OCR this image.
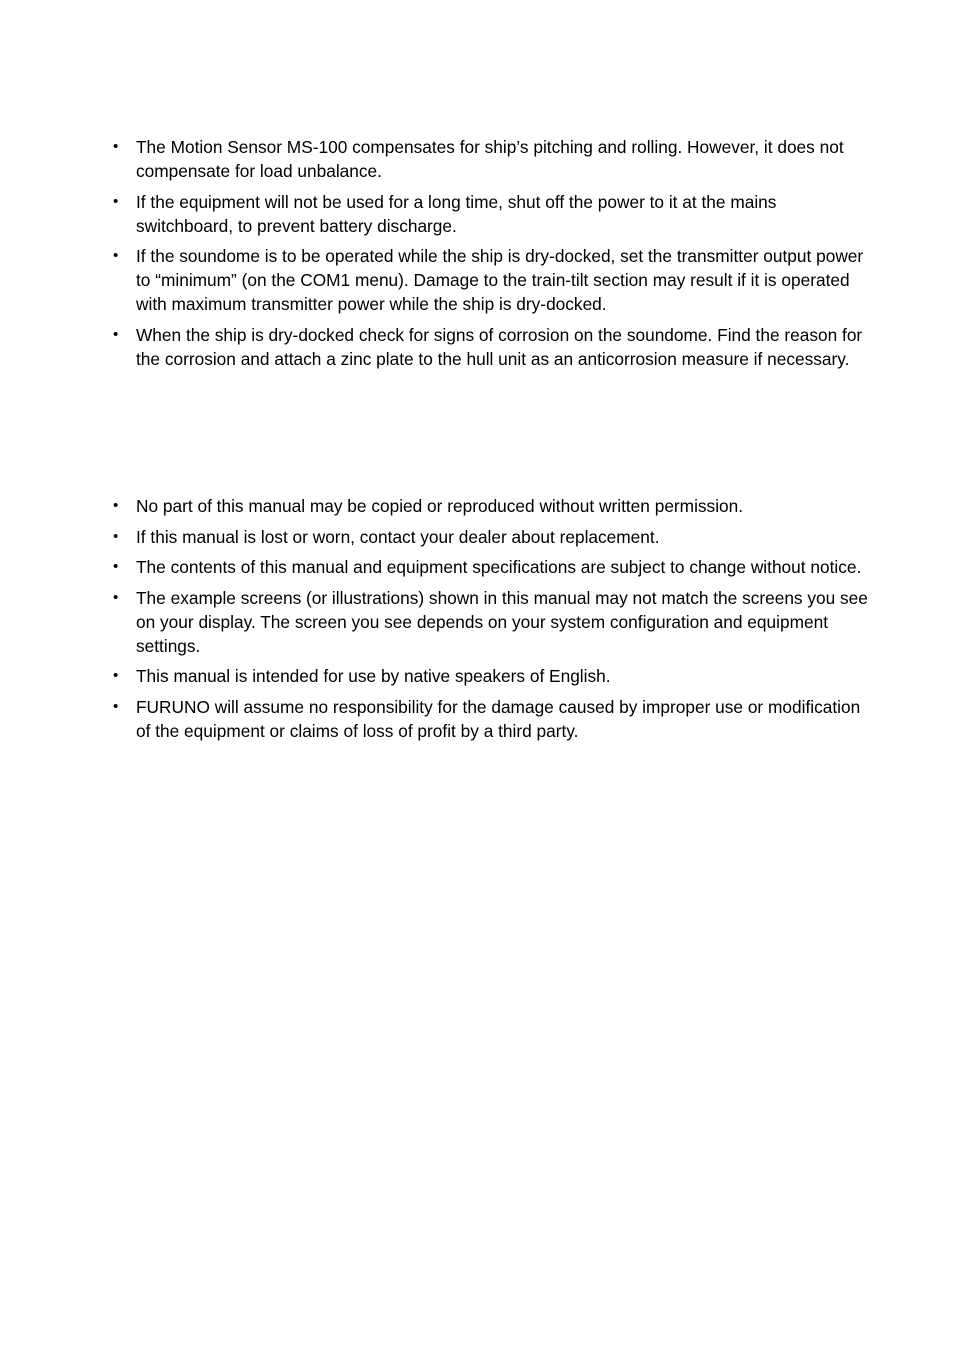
• The Motion Sensor MS-100 compensates for ship’s pitching and rolling. However, it does not compensate for load unbalance.
• If the equipment will not be used for a long time, shut off the power to it at the mains switchboard, to prevent battery discharge.
• If the soundome is to be operated while the ship is dry-docked, set the transmitter output power to “minimum” (on the COM1 menu). Damage to the train-tilt section may result if it is operated with maximum transmitter power while the ship is dry-docked.
• When the ship is dry-docked check for signs of corrosion on the soundome. Find the reason for the corrosion and attach a zinc plate to the hull unit as an anticorrosion measure if necessary.
• No part of this manual may be copied or reproduced without written permission.
• If this manual is lost or worn, contact your dealer about replacement.
• The contents of this manual and equipment specifications are subject to change without notice.
• The example screens (or illustrations) shown in this manual may not match the screens you see on your display. The screen you see depends on your system configuration and equipment settings.
• This manual is intended for use by native speakers of English.
• FURUNO will assume no responsibility for the damage caused by improper use or modification of the equipment or claims of loss of profit by a third party.
